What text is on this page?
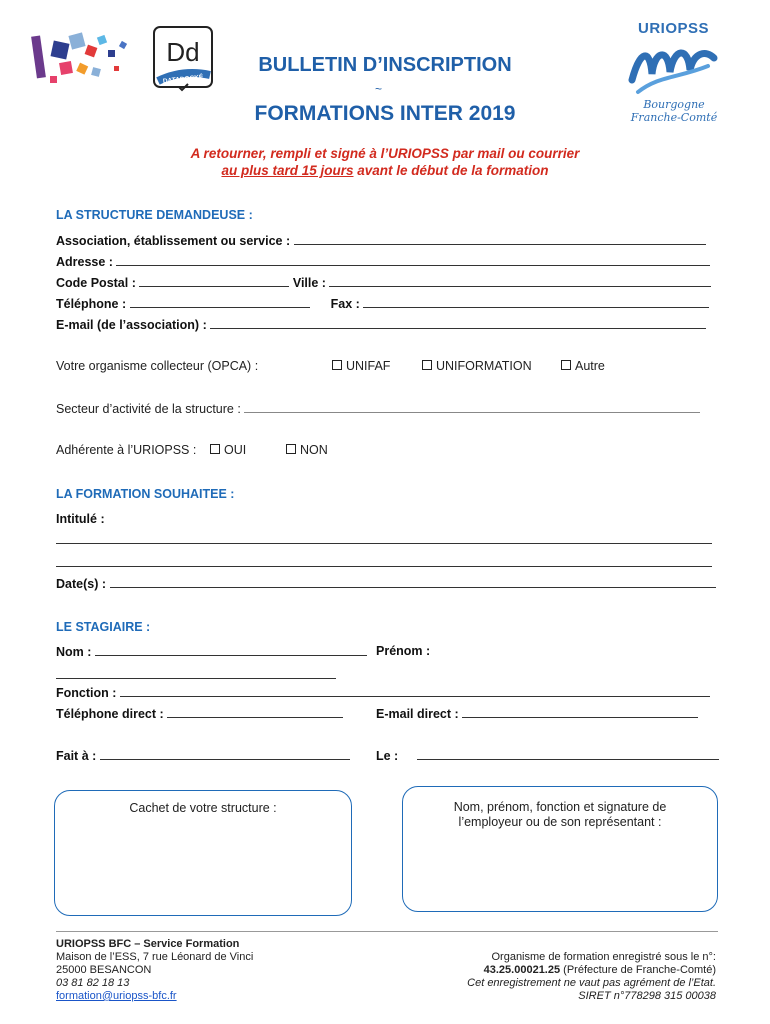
Dd
DATADOCKÉ
URIOPSS
Bourgogne Franche-Comté
BULLETIN D’INSCRIPTION
~
FORMATIONS INTER 2019
A retourner, rempli et signé à l’URIOPSS par mail ou courrier
au plus tard 15 jours avant le début de la formation
LA STRUCTURE DEMANDEUSE :
Association, établissement ou service :
Adresse :
Code Postal :	Ville :
Téléphone :	Fax :
E-mail (de l’association) :
Votre organisme collecteur (OPCA) :	UNIFAF	UNIFORMATION	Autre
Secteur d’activité de la structure :
Adhérente à l’URIOPSS :	OUI	NON
LA FORMATION SOUHAITEE :
Intitulé :
Date(s) :
LE STAGIAIRE :
Nom :	Prénom :
Fonction :
Téléphone direct :	E-mail direct :
Fait à :	Le :
Cachet de votre structure :	Nom, prénom, fonction et signature de
l’employeur ou de son représentant :
URIOPSS BFC – Service Formation
Maison de l’ESS, 7 rue Léonard de Vinci
25000 BESANCON
03 81 82 18 13
formation@uriopss-bfc.fr
Organisme de formation enregistré sous le n°:
43.25.00021.25 (Préfecture de Franche-Comté)
Cet enregistrement ne vaut pas agrément de l’Etat.
SIRET n°778298 315 00038
